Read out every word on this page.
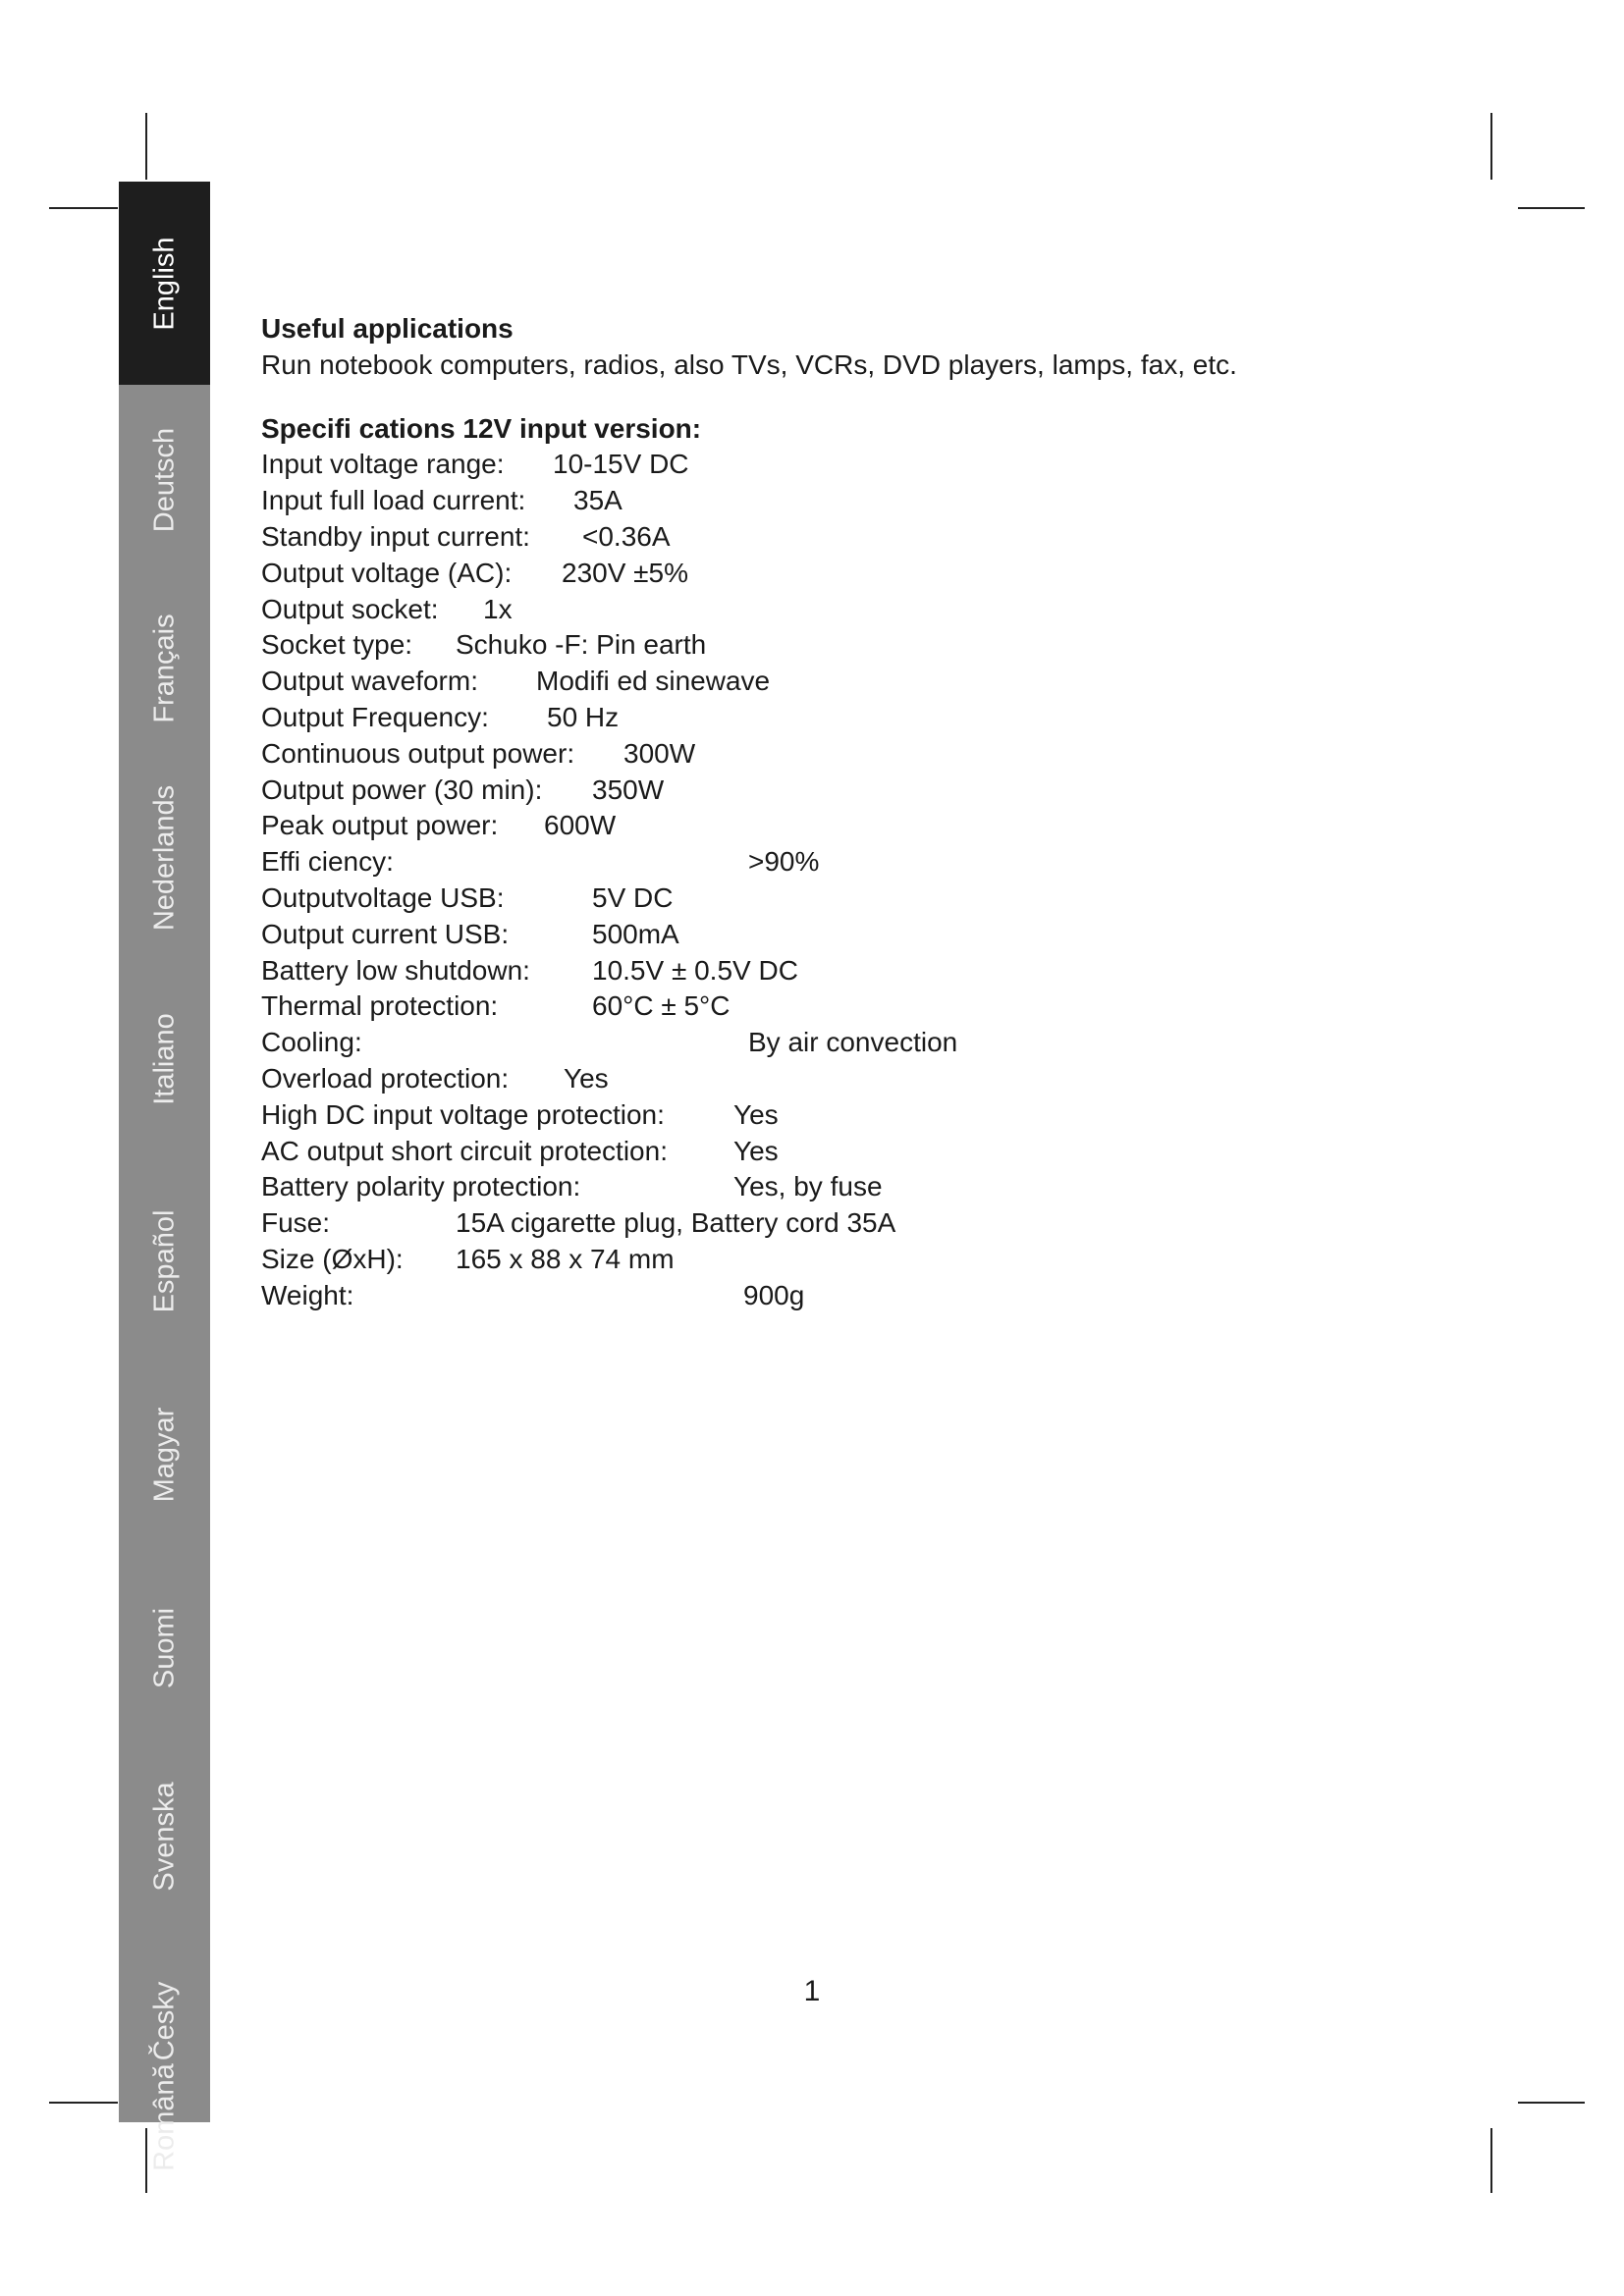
English
Deutsch
Français
Nederlands
Italiano
Español
Magyar
Suomi
Svenska
Česky
Română

Useful applications

Run notebook computers, radios, also TVs, VCRs, DVD players, lamps, fax, etc.

Specifi cations 12V input version:

Input voltage range: 10-15V DC
Input full load current: 35A
Standby input current: <0.36A
Output voltage (AC): 230V ±5%
Output socket: 1x
Socket type: Schuko -F: Pin earth
Output waveform: Modifi ed sinewave
Output Frequency: 50 Hz
Continuous output power: 300W
Output power (30 min): 350W
Peak output power: 600W
Effi ciency:	>90%
Outputvoltage USB:	5V DC
Output current USB:	500mA
Battery low shutdown: 10.5V ± 0.5V DC
Thermal protection:	60°C ± 5°C
Cooling:	By air convection
Overload protection: Yes
High DC input voltage protection:	Yes
AC output short circuit protection: Yes
Battery polarity protection:	Yes, by fuse
Fuse:	15A cigarette plug, Battery cord 35A
Size (ØxH): 165 x 88 x 74 mm
Weight:	900g
1
